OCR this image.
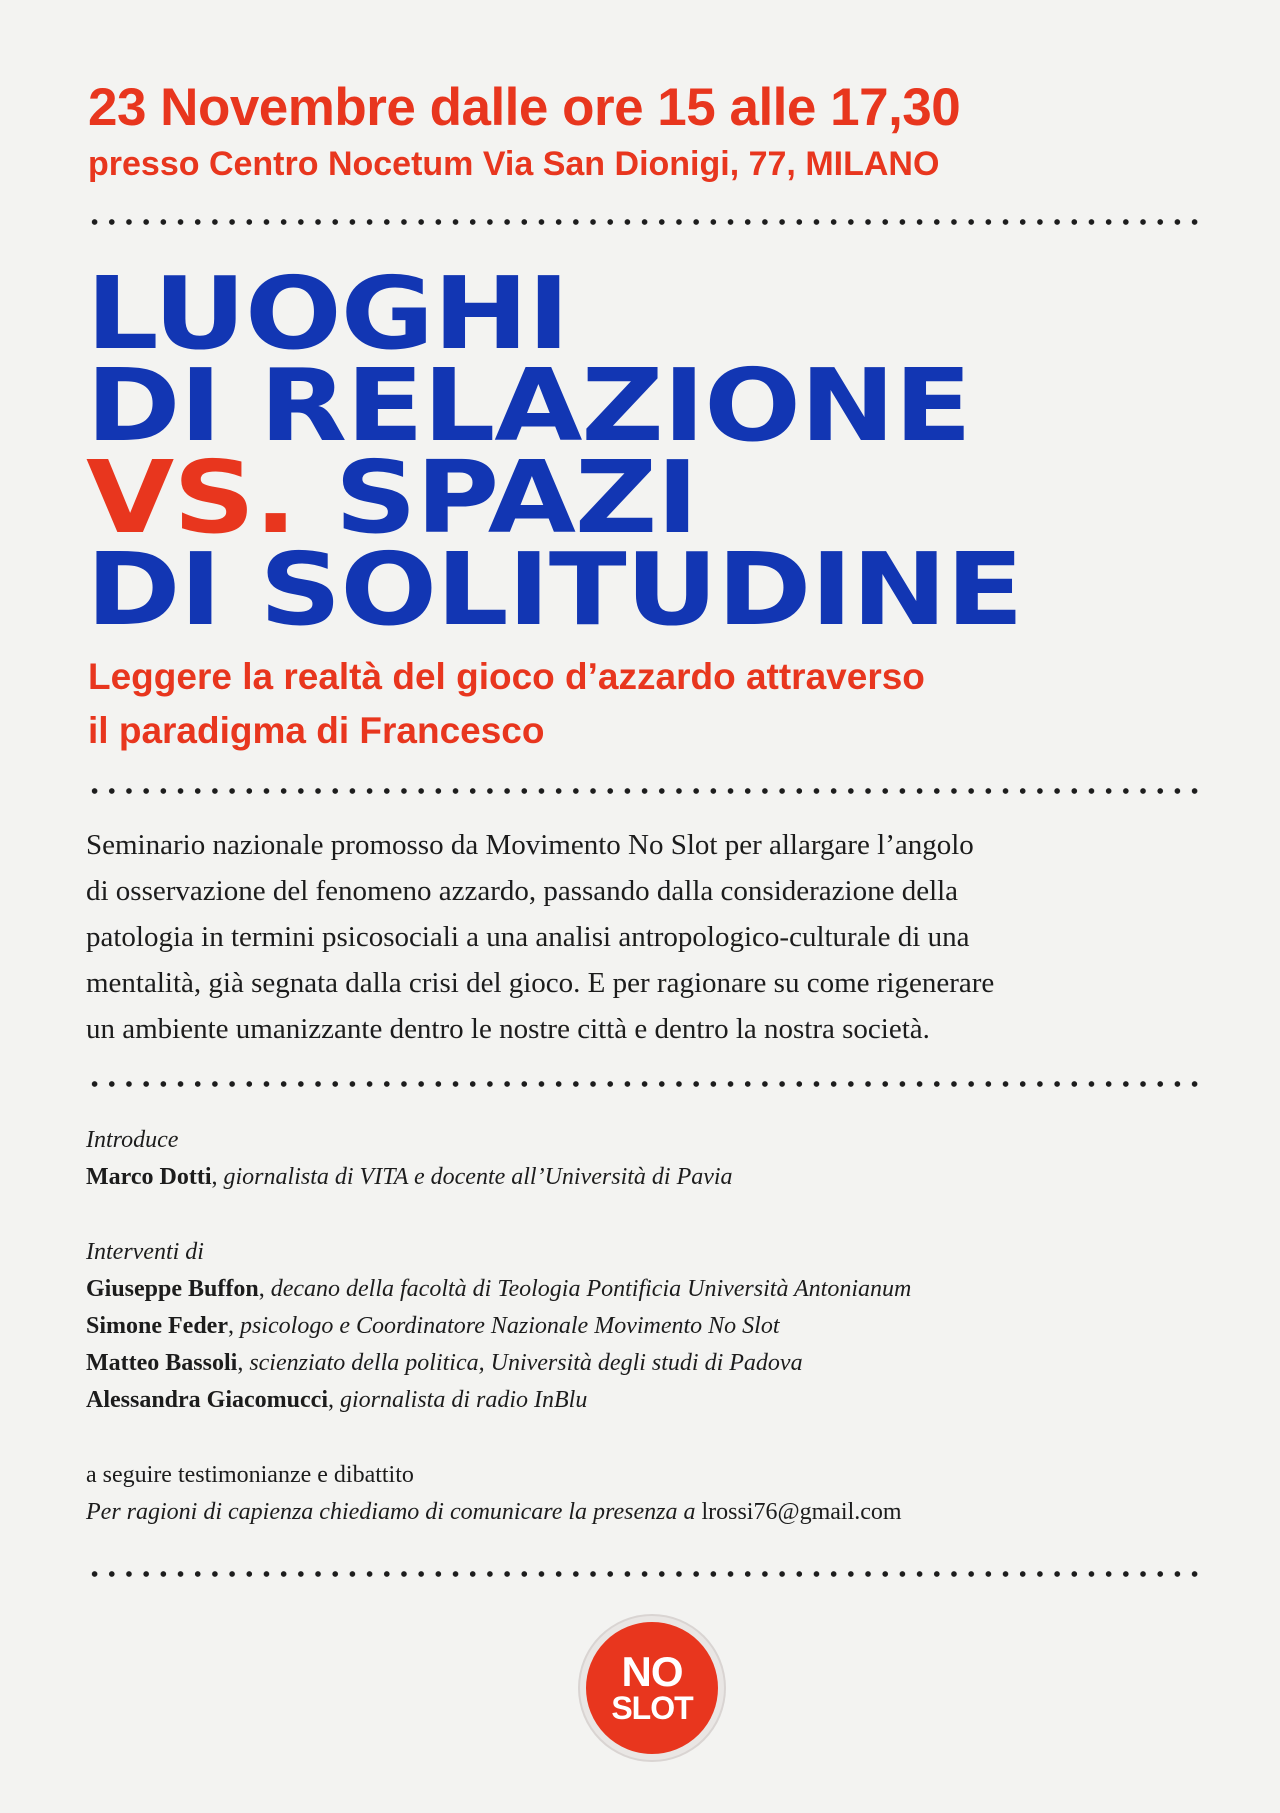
23 Novembre dalle ore 15 alle 17,30
presso Centro Nocetum Via San Dionigi, 77, MILANO
LUOGHI
DI RELAZIONE
VS. SPAZI
DI SOLITUDINE
Leggere la realtà del gioco d’azzardo attraverso
il paradigma di Francesco
Seminario nazionale promosso da Movimento No Slot per allargare l’angolo
di osservazione del fenomeno azzardo, passando dalla considerazione della
patologia in termini psicosociali a una analisi antropologico-culturale di una
mentalità, già segnata dalla crisi del gioco. E per ragionare su come rigenerare
un ambiente umanizzante dentro le nostre città e dentro la nostra società.
Introduce
Marco Dotti, giornalista di VITA e docente all’Università di Pavia
Interventi di
Giuseppe Buffon, decano della facoltà di Teologia Pontificia Università Antonianum
Simone Feder, psicologo e Coordinatore Nazionale Movimento No Slot
Matteo Bassoli, scienziato della politica, Università degli studi di Padova
Alessandra Giacomucci, giornalista di radio InBlu
a seguire testimonianze e dibattito
Per ragioni di capienza chiediamo di comunicare la presenza a lrossi76@gmail.com
NO
SLOT
